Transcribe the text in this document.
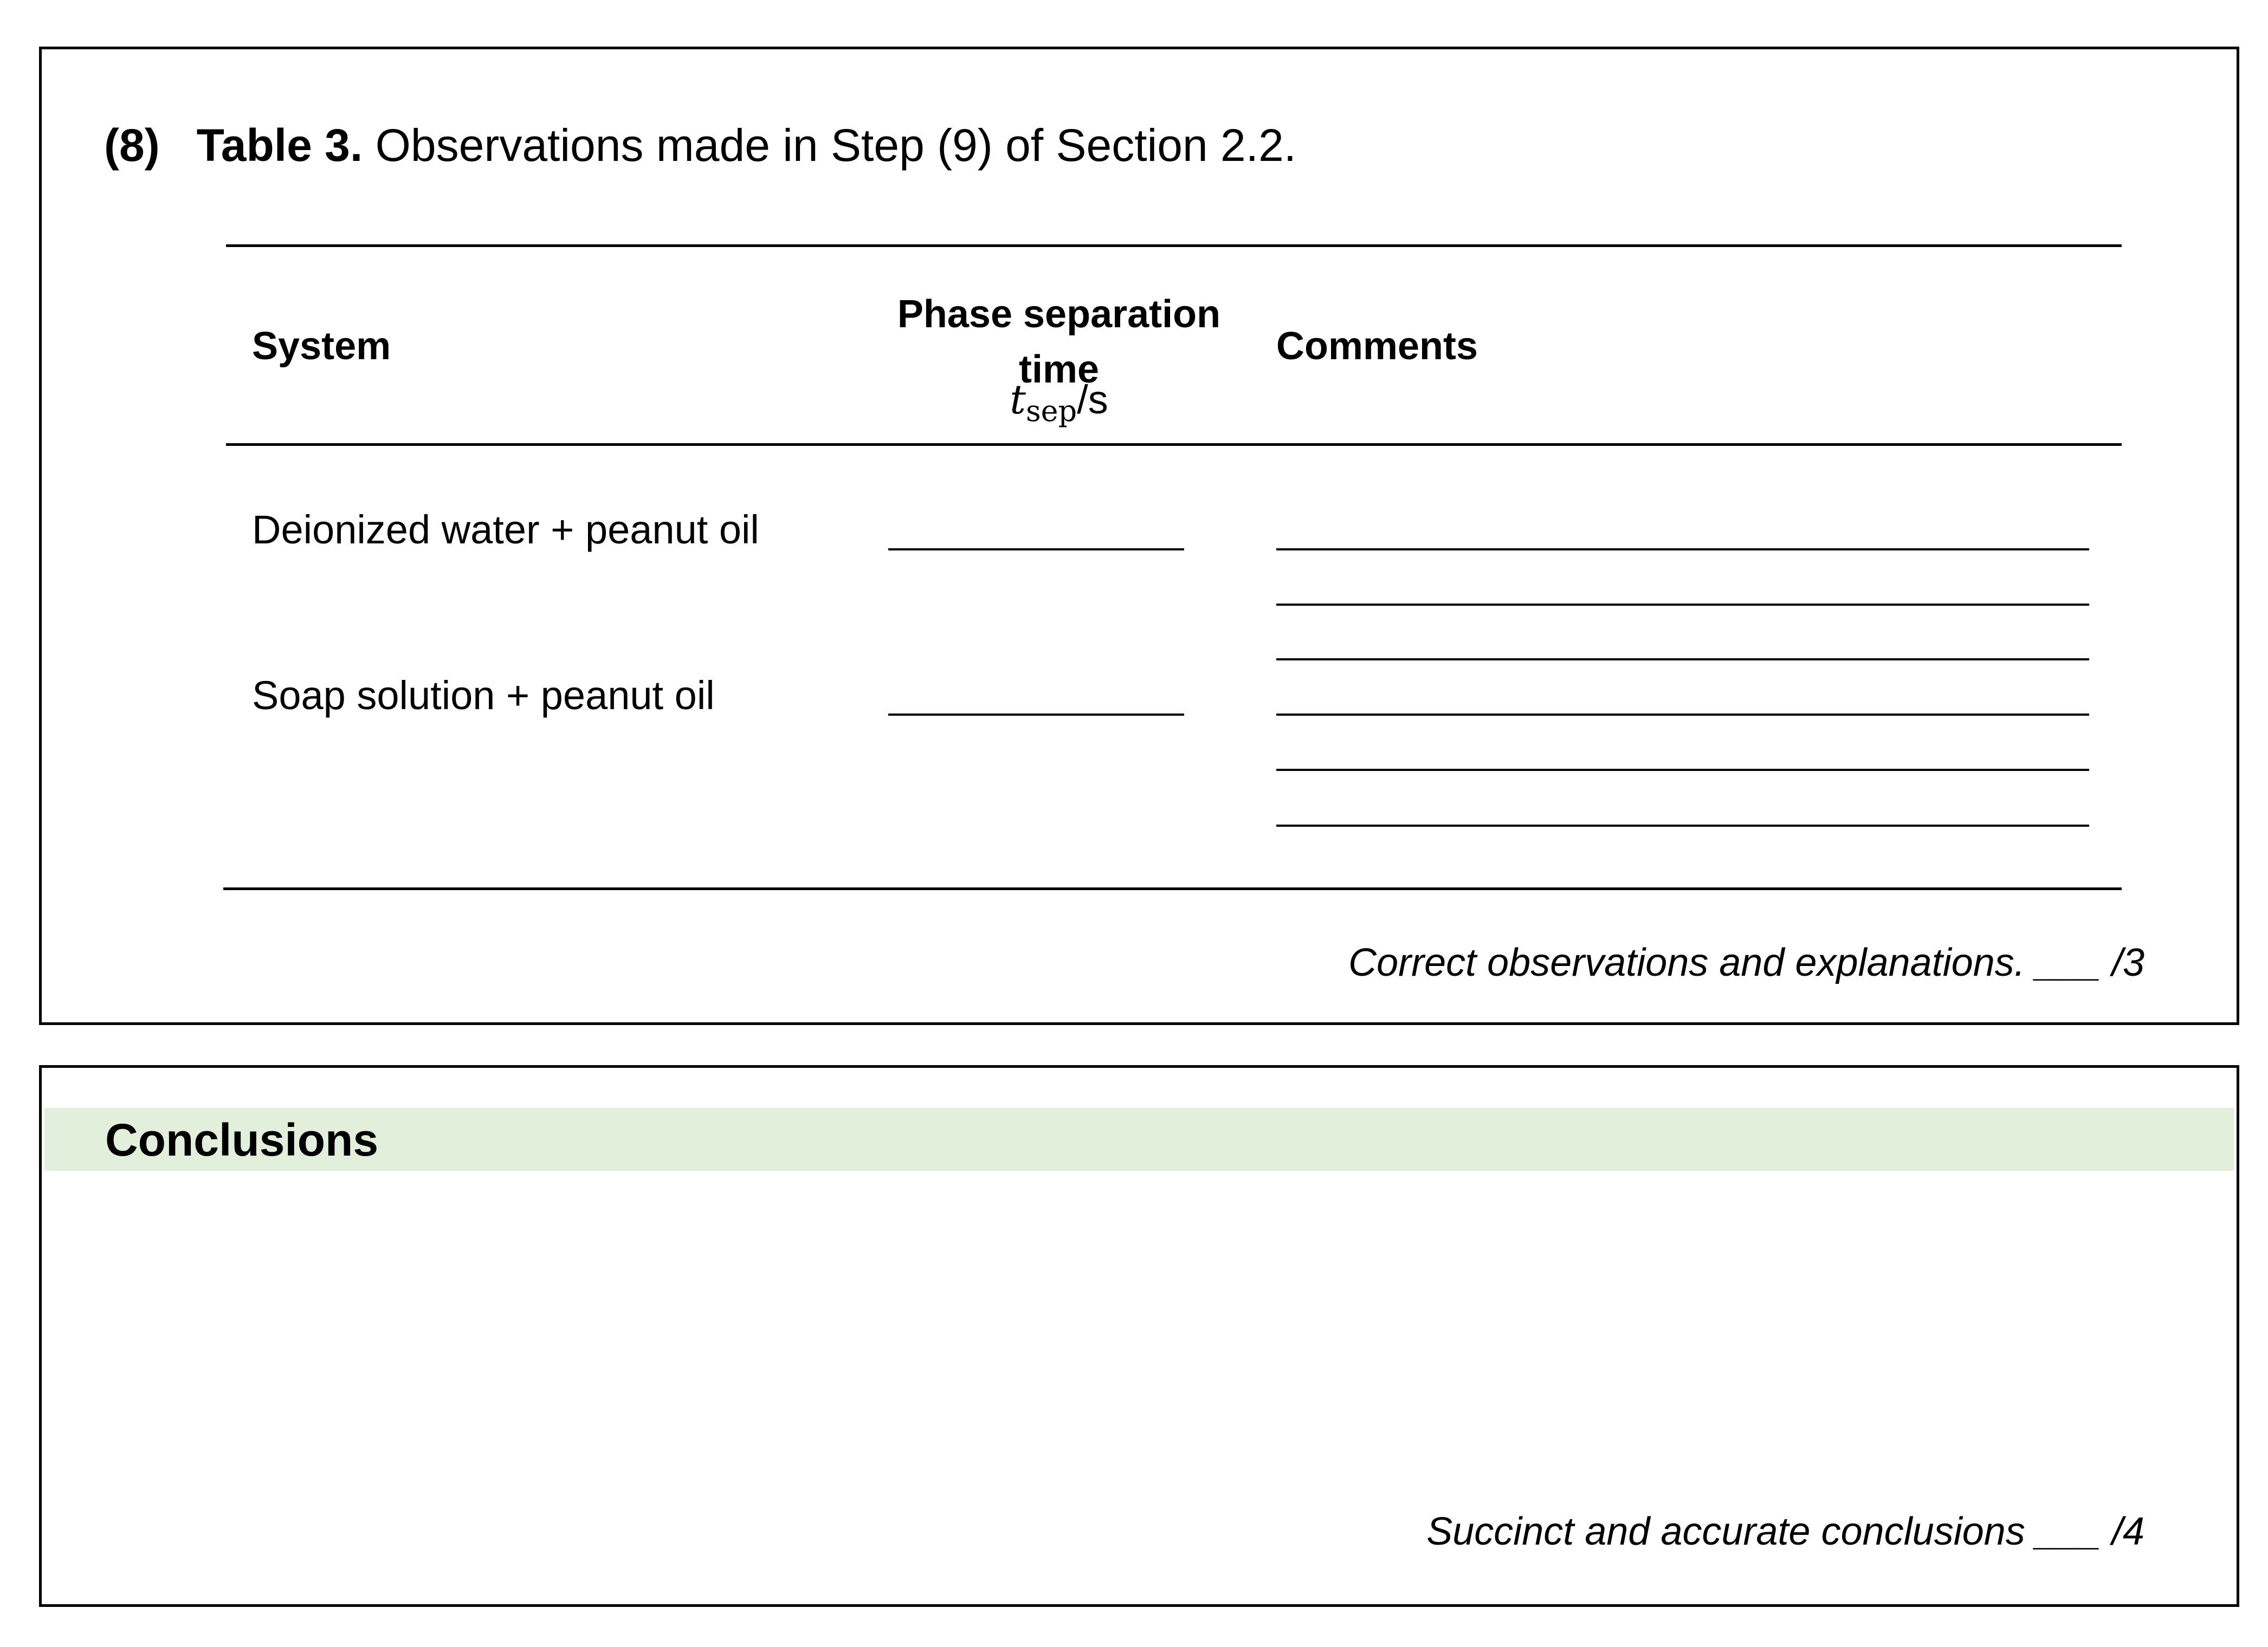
(8) Table 3. Observations made in Step (9) of Section 2.2.
System
Phase separation
time
$t_{sep}/s$
Comments
Deionized water + peanut oil
Soap solution + peanut oil
Correct observations and explanations. ___ /3
Conclusions
Succinct and accurate conclusions ___ /4
